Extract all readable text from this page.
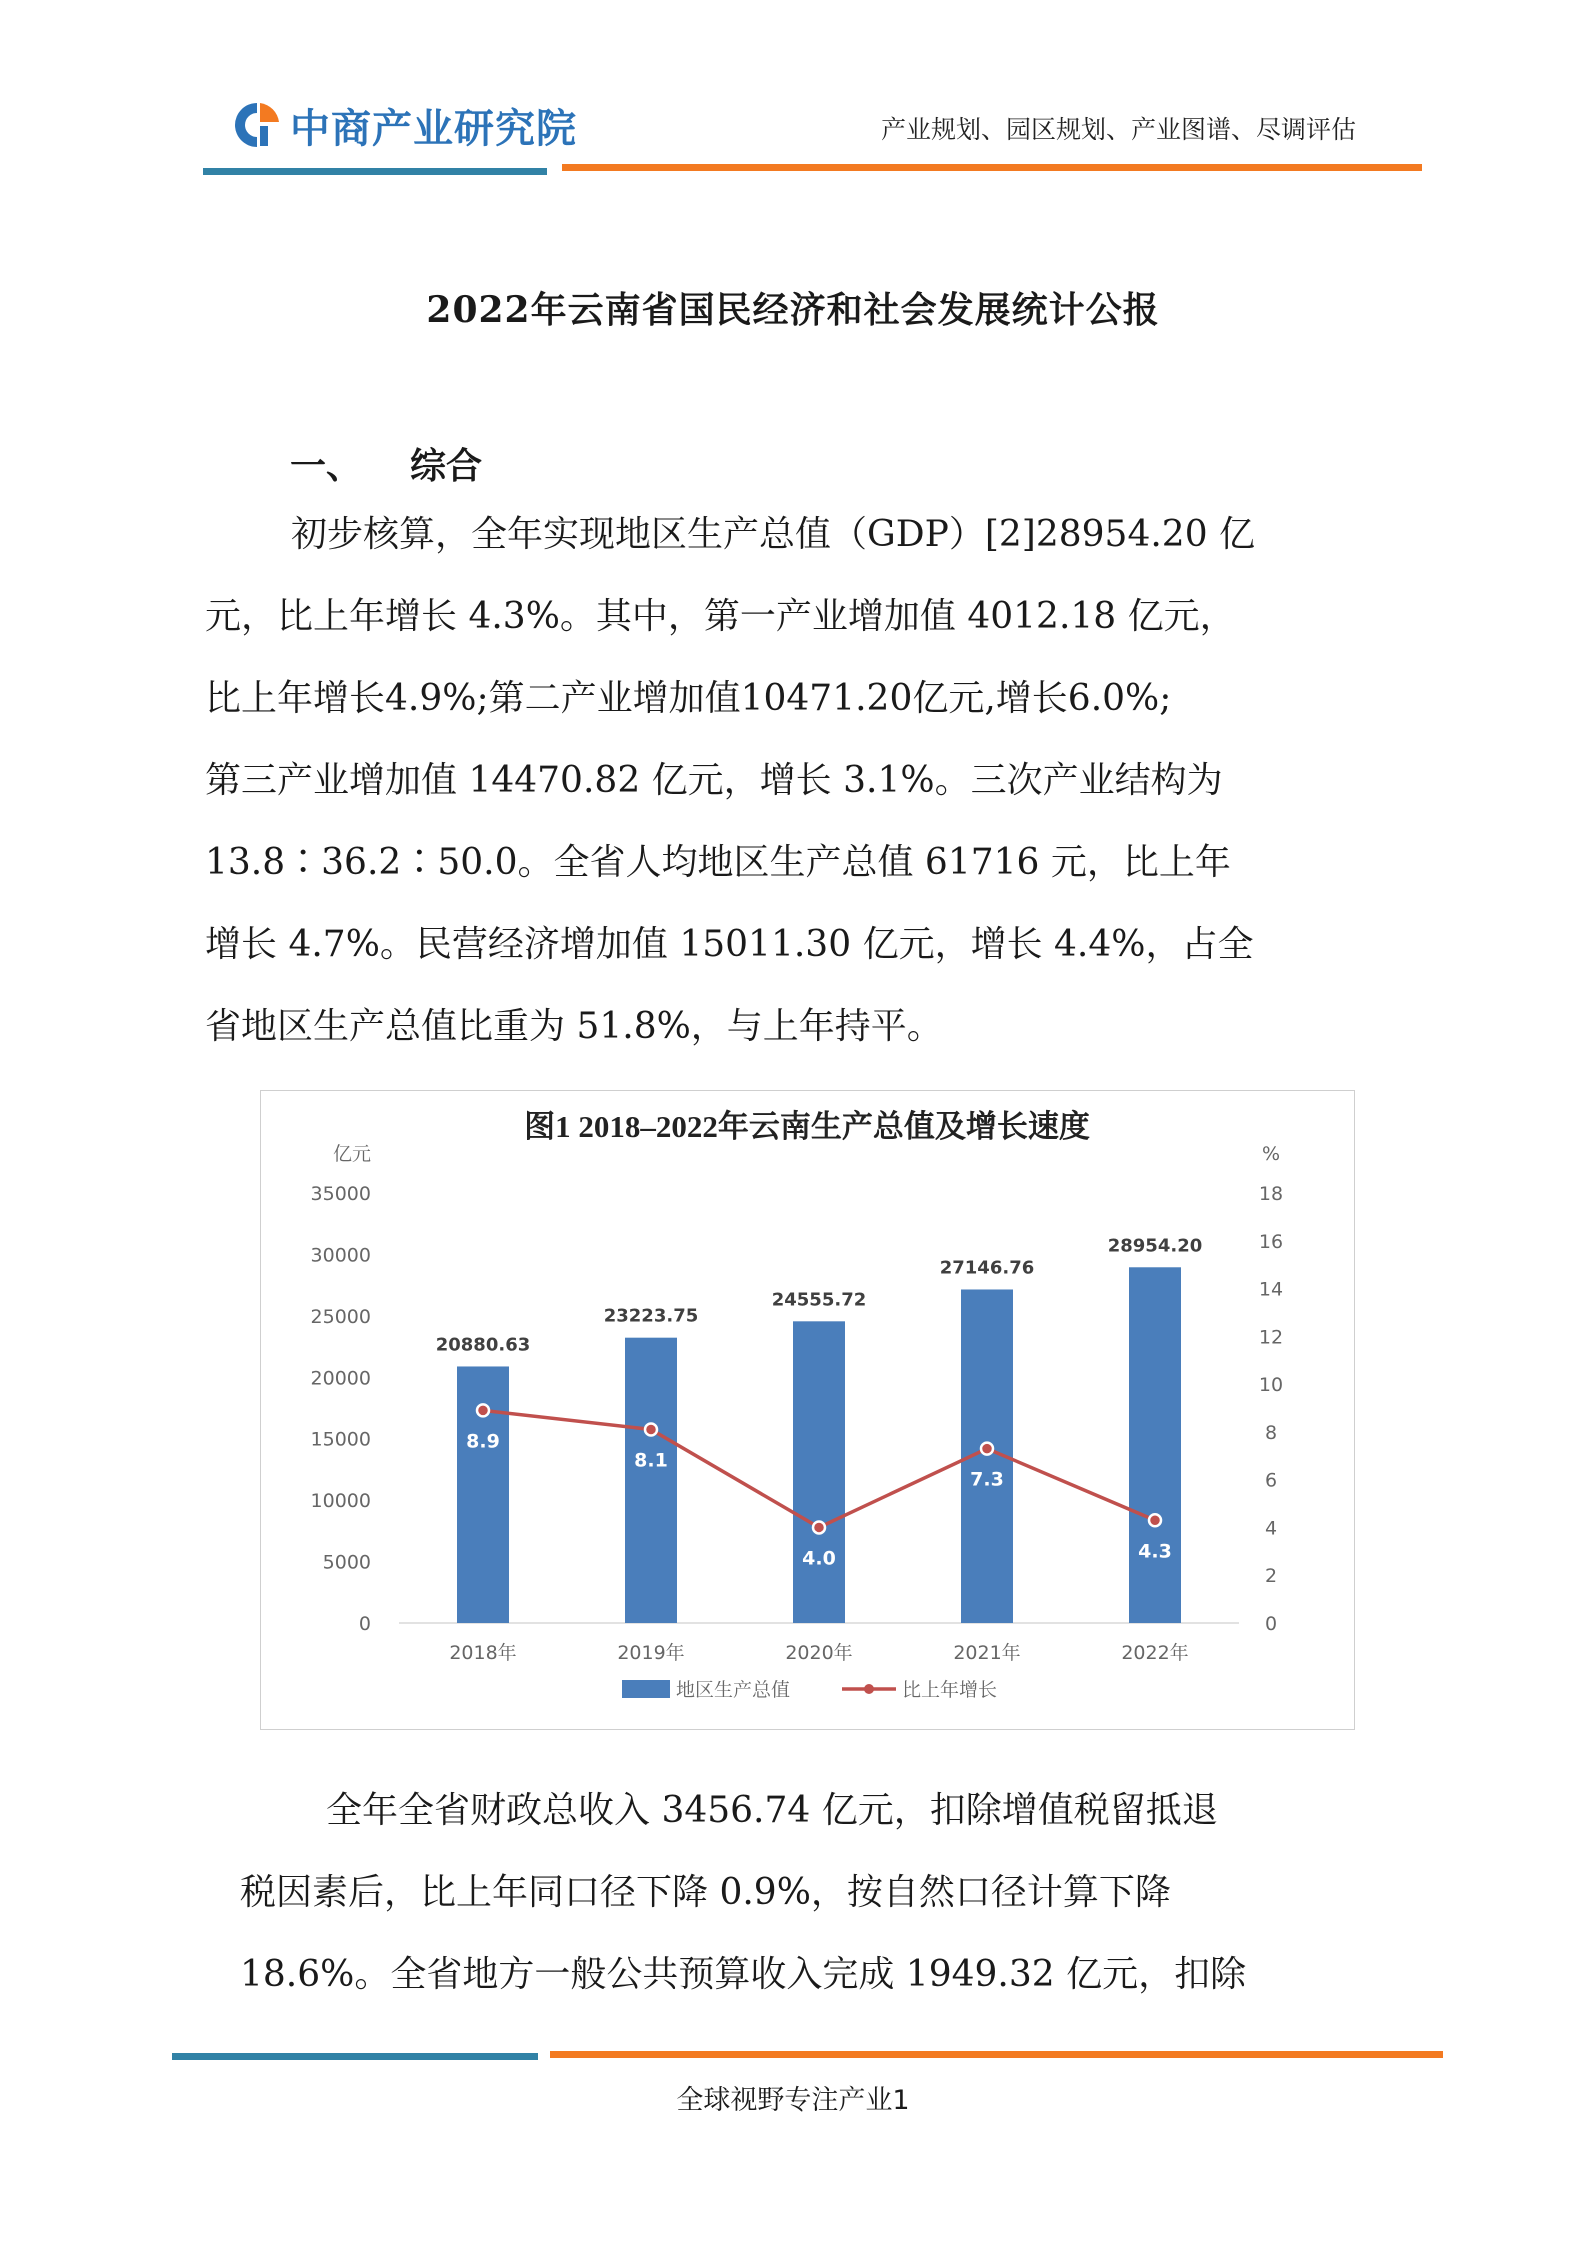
中商产业研究院	产业规划、园区规划、产业图谱、尽调评估
2022年云南省国民经济和社会发展统计公报
一、 综合
初步核算，全年实现地区生产总值（GDP）[2]28954.20 亿
元，比上年增长 4.3%。其中，第一产业增加值 4012.18 亿元，
比上年增长4.9%;第二产业增加值10471.20亿元,增长6.0%;
第三产业增加值 14470.82 亿元，增长 3.1%。三次产业结构为
13.8∶36.2∶50.0。全省人均地区生产总值 61716 元，比上年
增长 4.7%。民营经济增加值 15011.30 亿元，增长 4.4%，占全
省地区生产总值比重为 51.8%，与上年持平。
图1 2018–2022年云南生产总值及增长速度
亿元	%
0
5000
10000
15000
20000
25000
30000
35000
0
2
4
6
8
10
12
14
16
18
20880.63
2018年
23223.75
2019年
24555.72
2020年
27146.76
2021年
28954.20
2022年
8.9
8.1
4.0
7.3
4.3
地区生产总值	比上年增长
全年全省财政总收入 3456.74 亿元，扣除增值税留抵退
税因素后，比上年同口径下降 0.9%，按自然口径计算下降
18.6%。全省地方一般公共预算收入完成 1949.32 亿元，扣除
全球视野专注产业1
